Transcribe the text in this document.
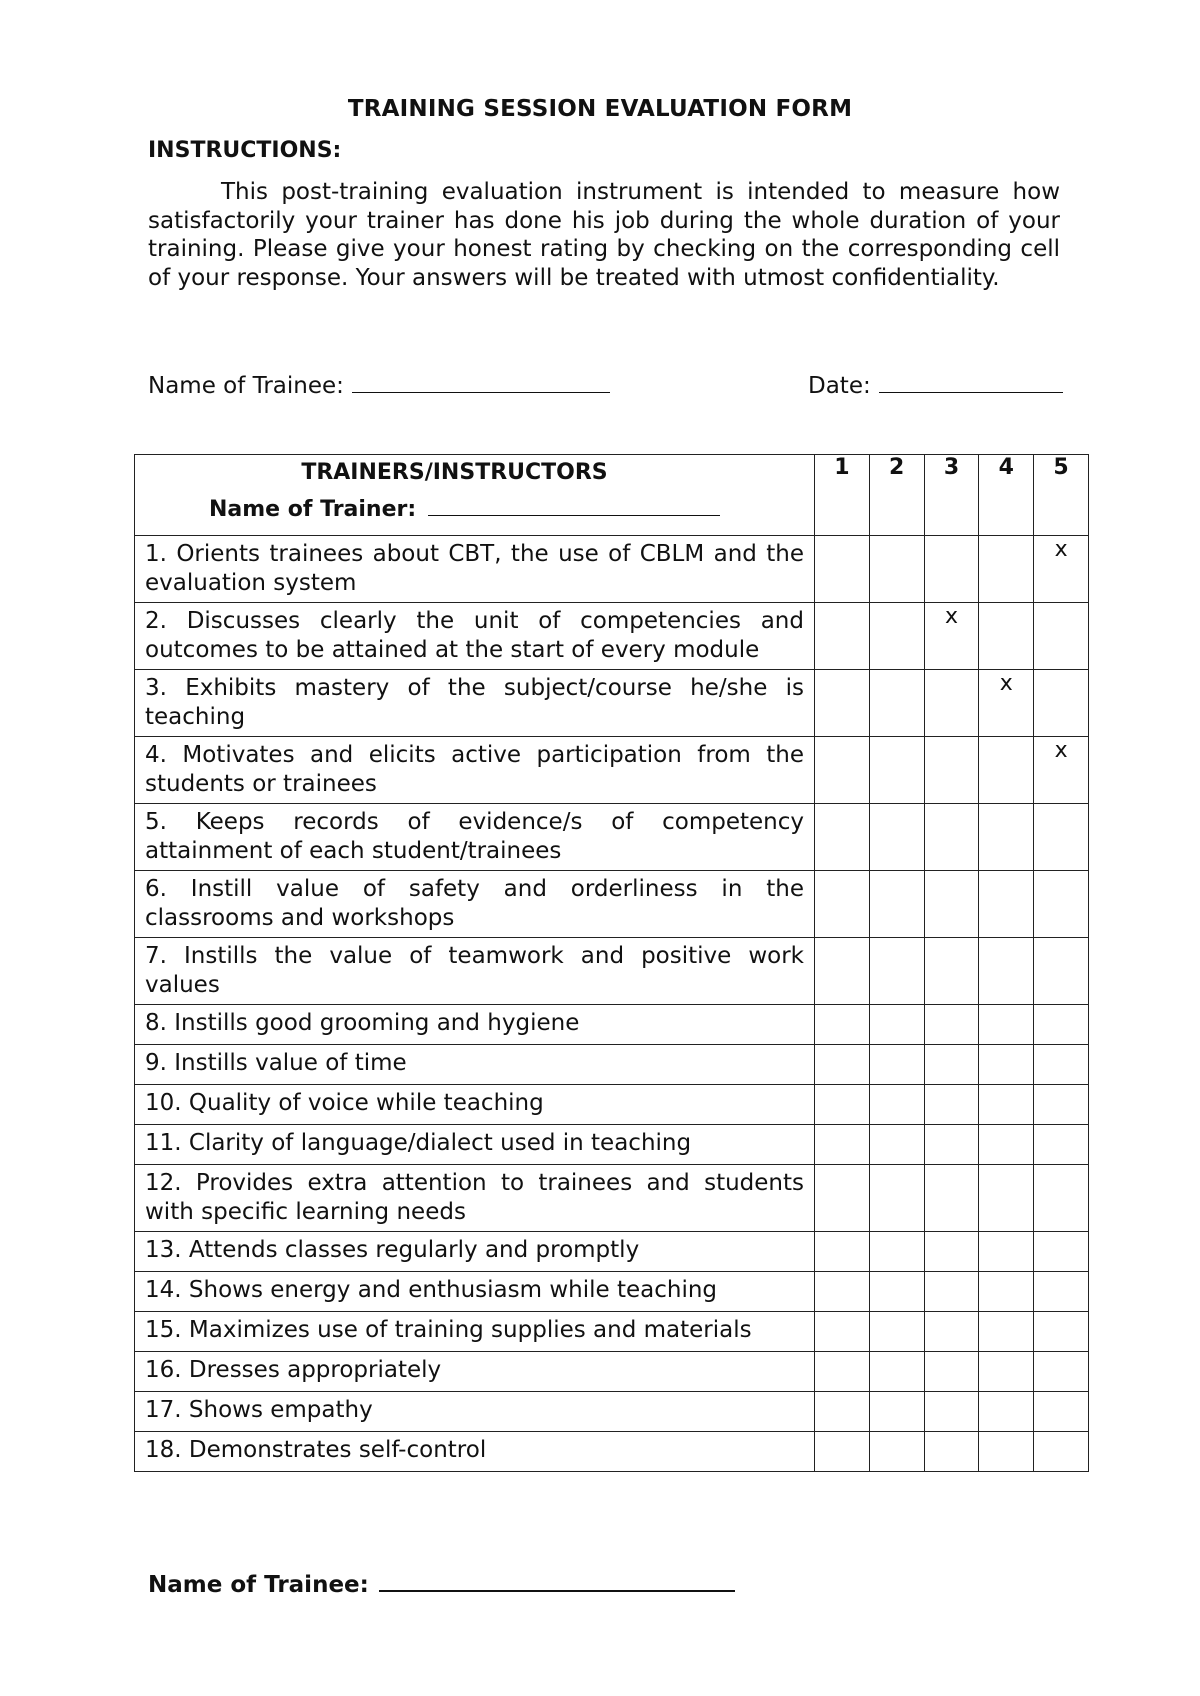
TRAINING SESSION EVALUATION FORM
INSTRUCTIONS:
This post-training evaluation instrument is intended to measure how satisfactorily your trainer has done his job during the whole duration of your training. Please give your honest rating by checking on the corresponding cell of your response. Your answers will be treated with utmost confidentiality.
Name of Trainee:	Date:
TRAINERS/INSTRUCTORS
Name of Trainer:	1	2	3	4	5

1. Orients trainees about CBT, the use of CBLM and the evaluation system					x

2. Discusses clearly the unit of competencies and outcomes to be attained at the start of every module			x		

3. Exhibits mastery of the subject/course he/she is teaching				x	

4. Motivates and elicits active participation from the students or trainees					x

5. Keeps records of evidence/s of competency attainment of each student/trainees					

6. Instill value of safety and orderliness in the classrooms and workshops					

7. Instills the value of teamwork and positive work values					

8. Instills good grooming and hygiene					

9. Instills value of time					

10. Quality of voice while teaching					

11. Clarity of language/dialect used in teaching					

12. Provides extra attention to trainees and students with specific learning needs					

13. Attends classes regularly and promptly					

14. Shows energy and enthusiasm while teaching					

15. Maximizes use of training supplies and materials					

16. Dresses appropriately					

17. Shows empathy					

18. Demonstrates self-control					

Name of Trainee:
